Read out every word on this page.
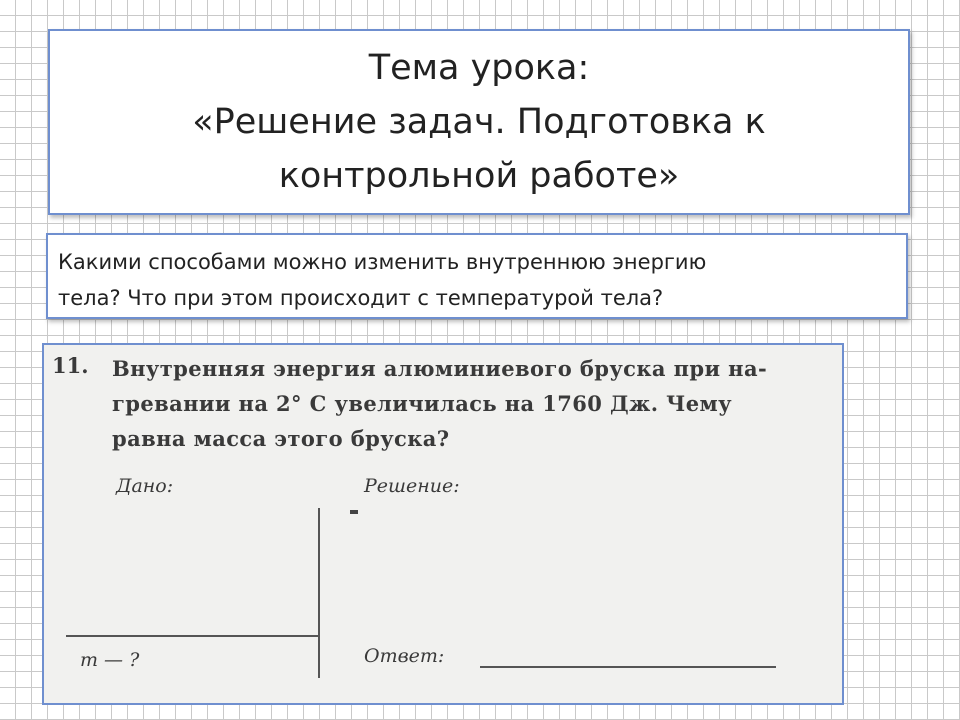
Тема урока:
«Решение задач. Подготовка к
контрольной работе»
Какими способами можно изменить внутреннюю энергию
тела? Что при этом происходит с температурой тела?
11. Внутренняя энергия алюминиевого бруска при на-
гревании на 2° С увеличилась на 1760 Дж. Чему
равна масса этого бруска?
Дано:	Решение:
m — ?	Ответ:
